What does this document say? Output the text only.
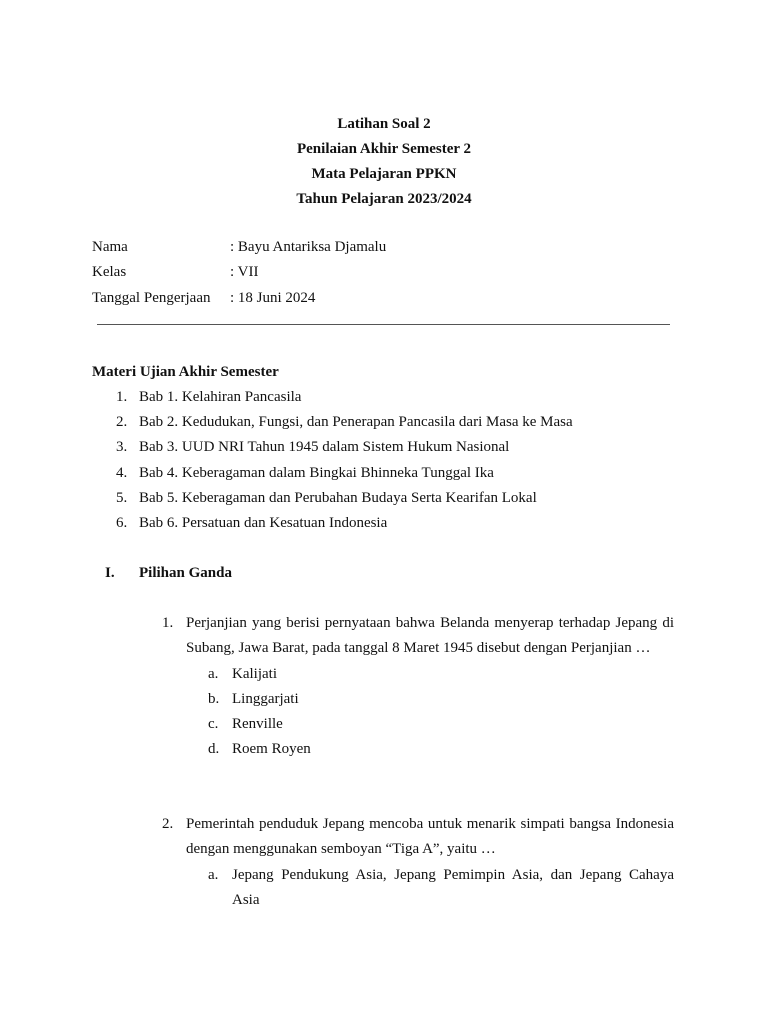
Latihan Soal 2
Penilaian Akhir Semester 2
Mata Pelajaran PPKN
Tahun Pelajaran 2023/2024
Nama	: Bayu Antariksa Djamalu
Kelas	: VII
Tanggal Pengerjaan	: 18 Juni 2024
Materi Ujian Akhir Semester
1. Bab 1. Kelahiran Pancasila
2. Bab 2. Kedudukan, Fungsi, dan Penerapan Pancasila dari Masa ke Masa
3. Bab 3. UUD NRI Tahun 1945 dalam Sistem Hukum Nasional
4. Bab 4. Keberagaman dalam Bingkai Bhinneka Tunggal Ika
5. Bab 5. Keberagaman dan Perubahan Budaya Serta Kearifan Lokal
6. Bab 6. Persatuan dan Kesatuan Indonesia
I.	Pilihan Ganda
1. Perjanjian yang berisi pernyataan bahwa Belanda menyerap terhadap Jepang di Subang, Jawa Barat, pada tanggal 8 Maret 1945 disebut dengan Perjanjian …
a. Kalijati
b. Linggarjati
c. Renville
d. Roem Royen
2. Pemerintah penduduk Jepang mencoba untuk menarik simpati bangsa Indonesia dengan menggunakan semboyan “Tiga A”, yaitu …
a. Jepang Pendukung Asia, Jepang Pemimpin Asia, dan Jepang Cahaya Asia
